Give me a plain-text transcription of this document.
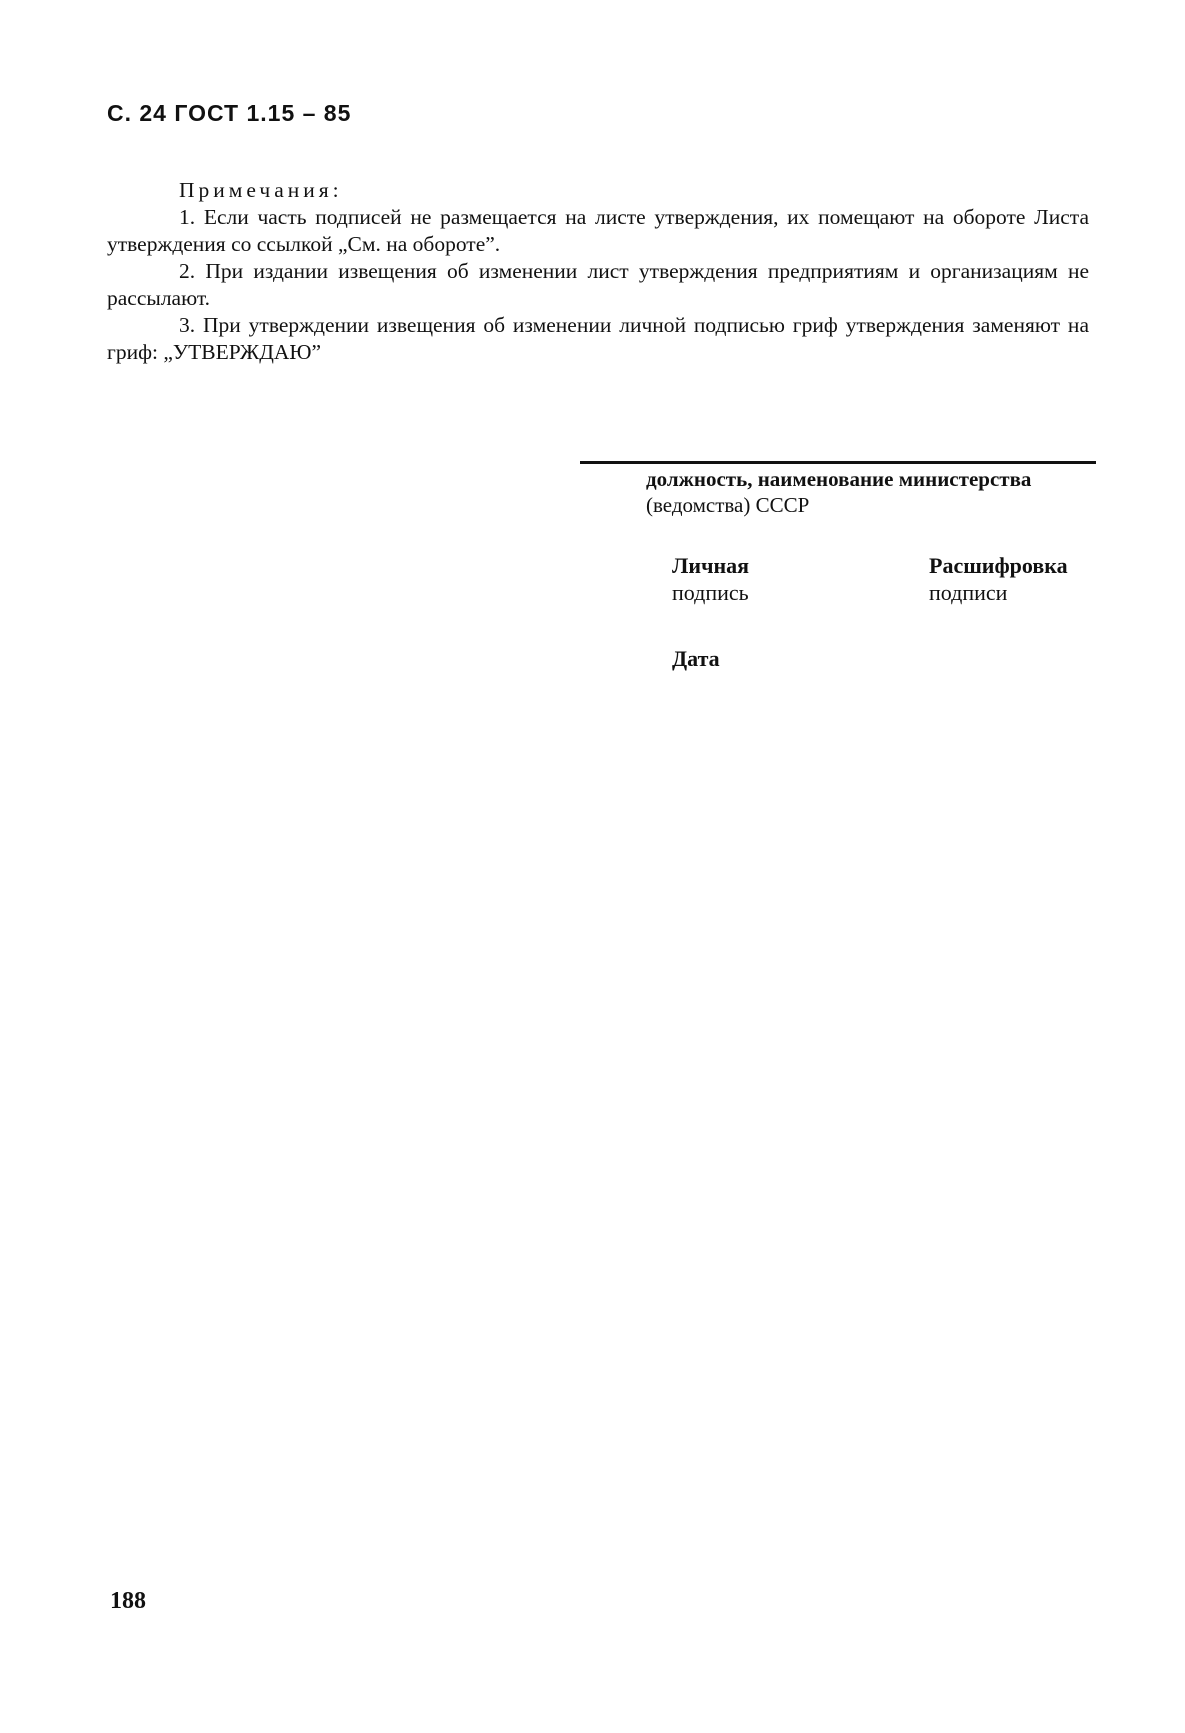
С. 24 ГОСТ 1.15 – 85
Примечания:
1. Если часть подписей не размещается на листе утверждения, их помещают на обороте Листа утверждения со ссылкой „См. на обороте”.
2. При издании извещения об изменении лист утверждения предприятиям и организациям не рассылают.
3. При утверждении извещения об изменении личной подписью гриф утверждения заменяют на гриф: „УТВЕРЖДАЮ”
должность, наименование министерства
(ведомства) СССР
Личная
подпись
Расшифровка
подписи
Дата
188
